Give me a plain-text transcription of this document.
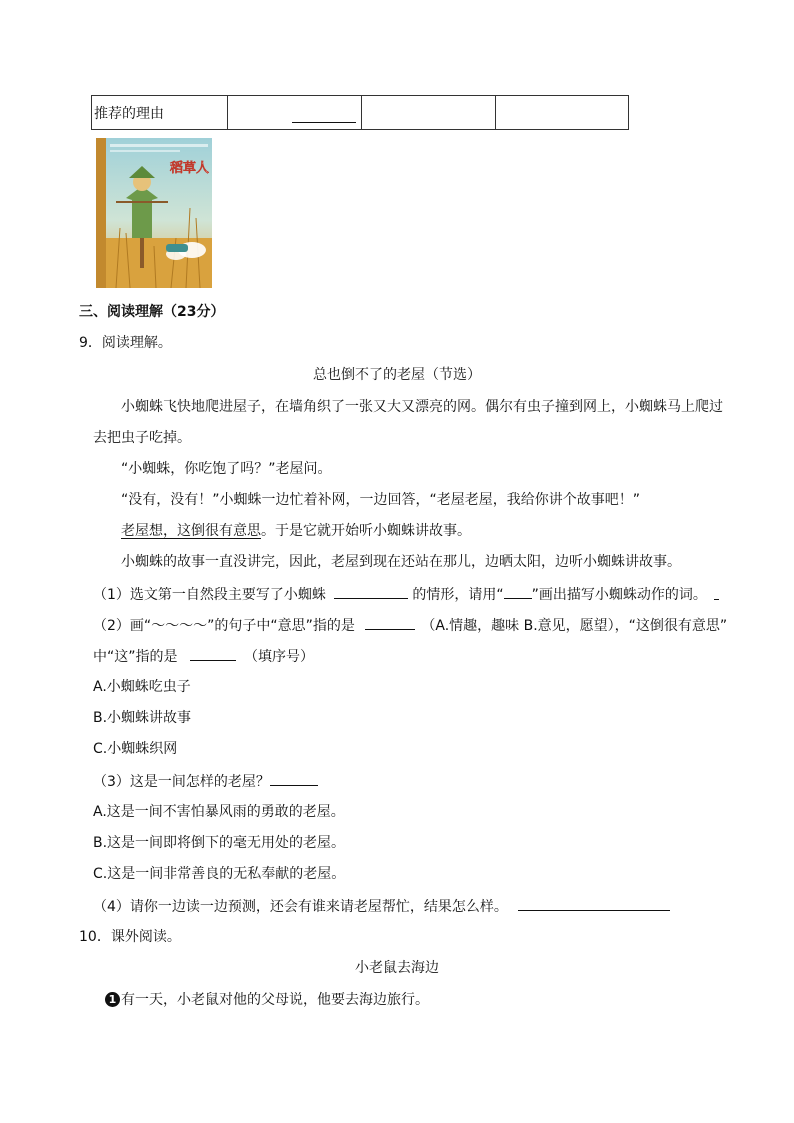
推荐的理由	

稻草人
三、阅读理解（23分）
9．阅读理解。
总也倒不了的老屋（节选）
小蜘蛛飞快地爬进屋子，在墙角织了一张又大又漂亮的网。偶尔有虫子撞到网上，小蜘蛛马上爬过
去把虫子吃掉。
“小蜘蛛，你吃饱了吗？”老屋问。
“没有，没有！”小蜘蛛一边忙着补网，一边回答，“老屋老屋，我给你讲个故事吧！”
老屋想，这倒很有意思。于是它就开始听小蜘蛛讲故事。
小蜘蛛的故事一直没讲完，因此，老屋到现在还站在那儿，边晒太阳，边听小蜘蛛讲故事。
（1）选文第一自然段主要写了小蜘蛛	的情形，请用“ ”画出描写小蜘蛛动作的词。
（2）画“～～～～”的句子中“意思”指的是	（A.情趣，趣味 B.意见，愿望），“这倒很有意思”
中“这”指的是	（填序号）
A.小蜘蛛吃虫子
B.小蜘蛛讲故事
C.小蜘蛛织网
（3）这是一间怎样的老屋？
A.这是一间不害怕暴风雨的勇敢的老屋。
B.这是一间即将倒下的毫无用处的老屋。
C.这是一间非常善良的无私奉献的老屋。
（4）请你一边读一边预测，还会有谁来请老屋帮忙，结果怎么样。
10．课外阅读。
小老鼠去海边
1 有一天，小老鼠对他的父母说，他要去海边旅行。
